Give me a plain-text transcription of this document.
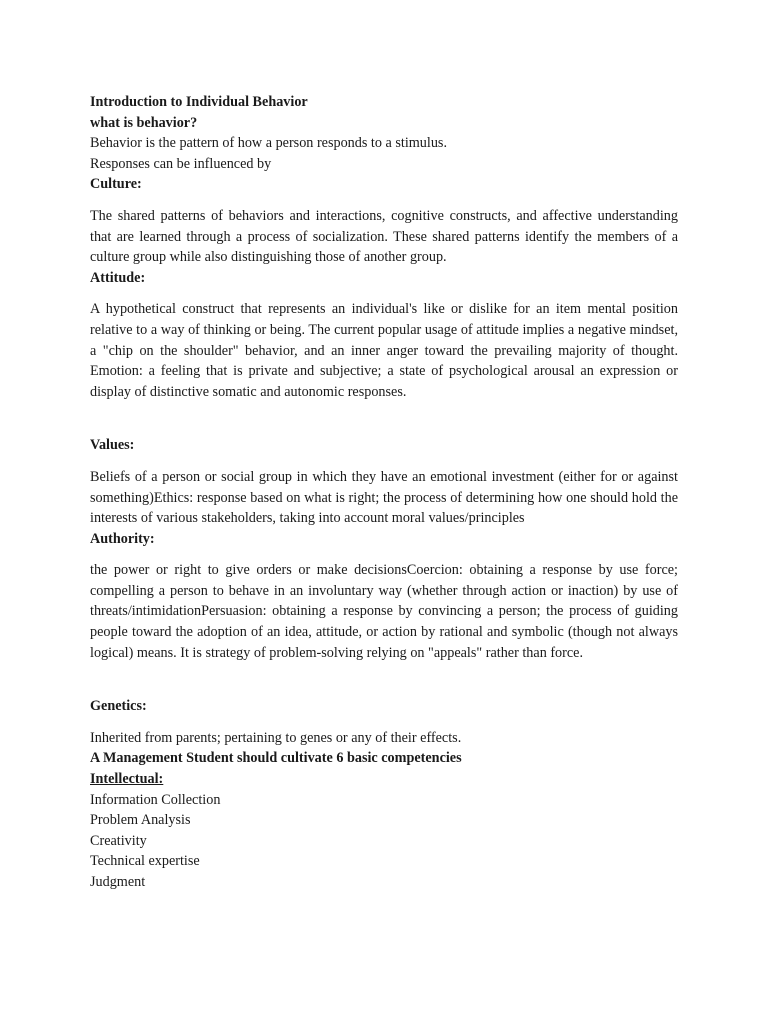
Introduction to Individual Behavior
what is behavior?
Behavior is the pattern of how a person responds to a stimulus.
Responses can be influenced by
Culture:

The shared patterns of behaviors and interactions, cognitive constructs, and affective understanding that are learned through a process of socialization. These shared patterns identify the members of a culture group while also distinguishing those of another group.

Attitude:

A hypothetical construct that represents an individual's like or dislike for an item mental position relative to a way of thinking or being. The current popular usage of attitude implies a negative mindset, a "chip on the shoulder" behavior, and an inner anger toward the prevailing majority of thought. Emotion: a feeling that is private and subjective; a state of psychological arousal an expression or display of distinctive somatic and autonomic responses.

Values:

Beliefs of a person or social group in which they have an emotional investment (either for or against something)Ethics: response based on what is right; the process of determining how one should hold the interests of various stakeholders, taking into account moral values/principles

Authority:

the power or right to give orders or make decisionsCoercion: obtaining a response by use force; compelling a person to behave in an involuntary way (whether through action or inaction) by use of threats/intimidationPersuasion: obtaining a response by convincing a person; the process of guiding people toward the adoption of an idea, attitude, or action by rational and symbolic (though not always logical) means. It is strategy of problem-solving relying on "appeals" rather than force.

Genetics:
Inherited from parents; pertaining to genes or any of their effects.
A Management Student should cultivate 6 basic competencies
Intellectual:
Information Collection
Problem Analysis
Creativity
Technical expertise
Judgment
